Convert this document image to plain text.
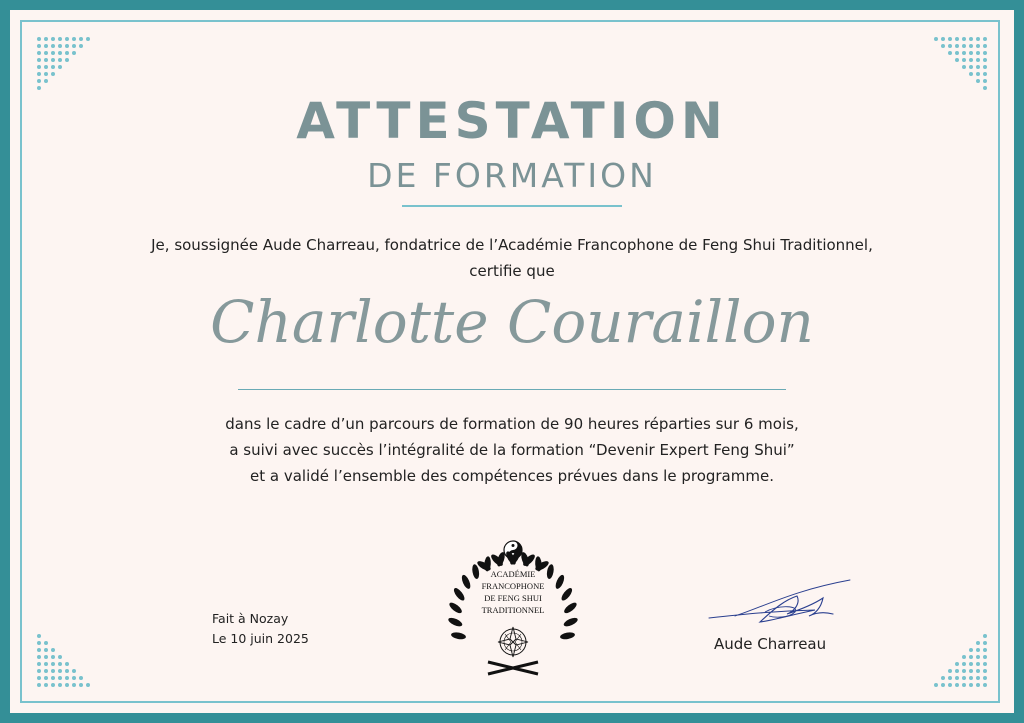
ATTESTATION
DE FORMATION
Je, soussignée Aude Charreau, fondatrice de l’Académie Francophone de Feng Shui Traditionnel,
certifie que
Charlotte Couraillon
dans le cadre d’un parcours de formation de 90 heures réparties sur 6 mois,
a suivi avec succès l’intégralité de la formation “Devenir Expert Feng Shui”
et a validé l’ensemble des compétences prévues dans le programme.
Fait à Nozay
Le 10 juin 2025
ACADÉMIE
FRANCOPHONE
DE FENG SHUI
TRADITIONNEL
Aude Charreau
